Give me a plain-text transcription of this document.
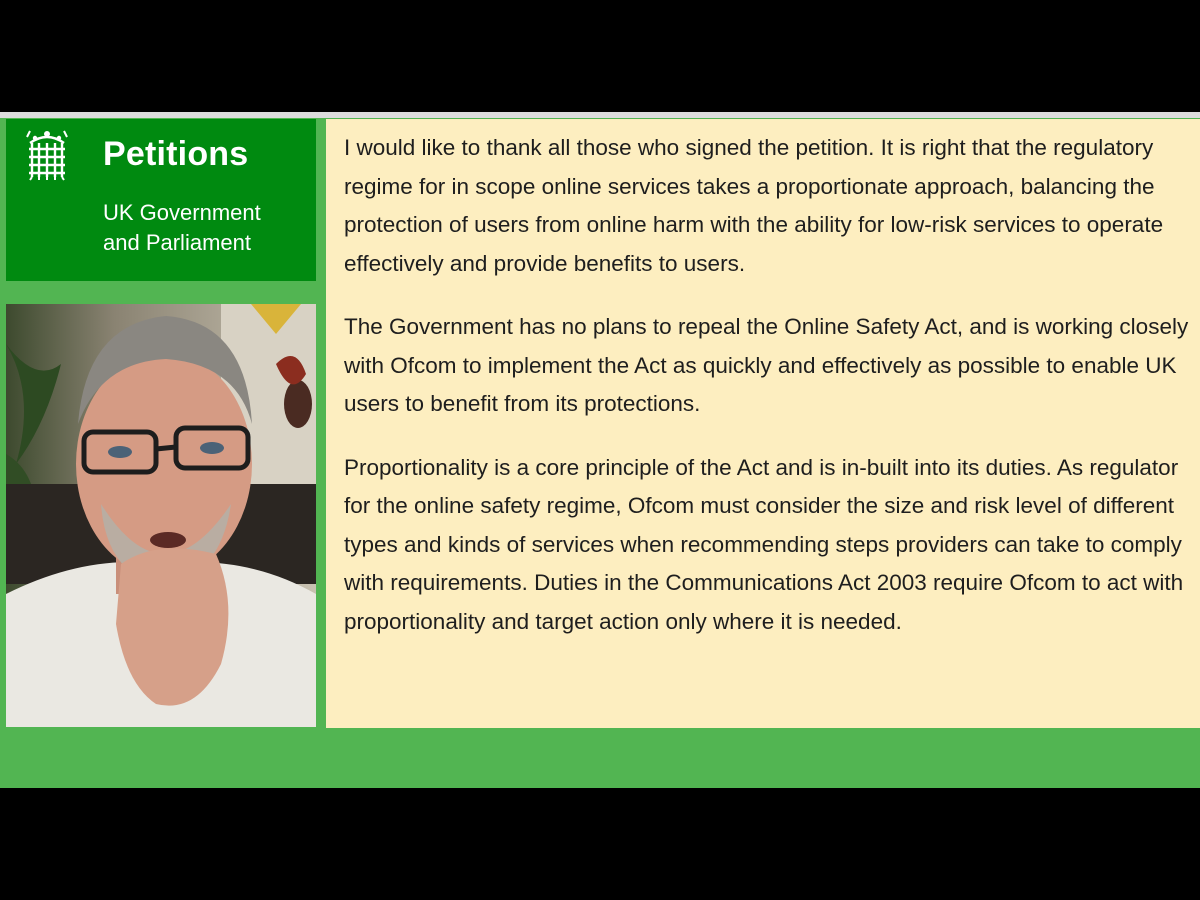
Petitions
UK Government
and Parliament

I would like to thank all those who signed the petition. It is right that the regulatory regime for in scope online services takes a proportionate approach, balancing the protection of users from online harm with the ability for low-risk services to operate effectively and provide benefits to users.

The Government has no plans to repeal the Online Safety Act, and is working closely with Ofcom to implement the Act as quickly and effectively as possible to enable UK users to benefit from its protections.

Proportionality is a core principle of the Act and is in-built into its duties. As regulator for the online safety regime, Ofcom must consider the size and risk level of different types and kinds of services when recommending steps providers can take to comply with requirements. Duties in the Communications Act 2003 require Ofcom to act with proportionality and target action only where it is needed.
